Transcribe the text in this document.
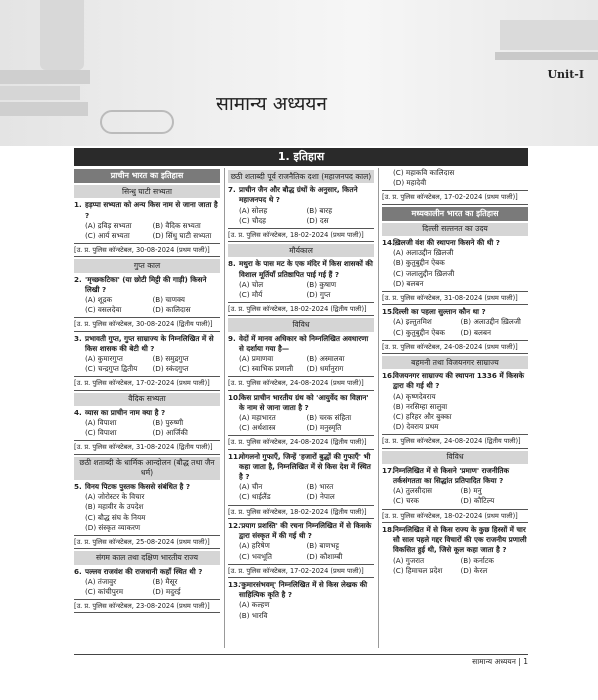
Unit-I
सामान्य अध्ययन
1. इतिहास
प्राचीन भारत का इतिहास
सिन्धु घाटी सभ्यता
1. हड़प्पा सभ्यता को अन्य किस नाम से जाना जाता है ?
(A) द्रविड़ सभ्यता	(B) वैदिक सभ्यता
(C) आर्य सभ्यता	(D) सिंधु घाटी सभ्यता
[उ. प्र. पुलिस कॉन्स्टेबल, 30-08-2024 (प्रथम पाली)]
गुप्त काल
2. 'मृच्छकटिका' (या छोटी मिट्टी की गाड़ी) किसने लिखी ?
(A) शूद्रक	(B) चाणक्य
(C) वसलदेवा	(D) कालिदास
[उ. प्र. पुलिस कॉन्स्टेबल, 30-08-2024 (द्वितीय पाली)]
3. प्रभावती गुप्त, गुप्त साम्राज्य के निम्नलिखित में से किस शासक की बेटी थी ?
(A) कुमारगुप्त	(B) समुद्रगुप्त
(C) चन्द्रगुप्त द्वितीय	(D) स्कंदगुप्त
[उ. प्र. पुलिस कॉन्स्टेबल, 17-02-2024 (प्रथम पाली)]
वैदिक सभ्यता
4. व्यास का प्राचीन नाम क्या है ?
(A) विपाशा	(B) पुरुष्णी
(C) विपाशा	(D) आर्जिकी
[उ. प्र. पुलिस कॉन्स्टेबल, 31-08-2024 (द्वितीय पाली)]
छठी शताब्दी के धार्मिक आन्दोलन (बौद्ध तथा जैन धर्म)
5. विनय पिटक पुस्तक किससे संबंधित है ?
(A) जोरोस्टर के विचार
(B) महावीर के उपदेश
(C) बौद्ध संघ के नियम
(D) संस्कृत व्याकरण
[उ. प्र. पुलिस कॉन्स्टेबल, 25-08-2024 (प्रथम पाली)]
संगम काल तथा दक्षिण भारतीय राज्य
6. पल्लव राजवंश की राजधानी कहाँ स्थित थी ?
(A) तंजावुर	(B) मैसूर
(C) कांचीपुरम	(D) मदुरई
[उ. प्र. पुलिस कॉन्स्टेबल, 23-08-2024 (प्रथम पाली)]
छठी शताब्दी पूर्व राजनैतिक दशा (महाजनपद काल)
7. प्राचीन जैन और बौद्ध ग्रंथों के अनुसार, कितने महाजनपद थे ?
(A) सोलह	(B) बारह
(C) चौदह	(D) दस
[उ. प्र. पुलिस कॉन्स्टेबल, 18-02-2024 (प्रथम पाली)]
मौर्यकाल
8. मथुरा के पास मट के एक मंदिर में किस शासकों की विशाल मूर्तियाँ प्रतिष्ठापित पाई गई हैं ?
(A) चोल	(B) कुषाण
(C) मौर्य	(D) गुप्त
[उ. प्र. पुलिस कॉन्स्टेबल, 18-02-2024 (द्वितीय पाली)]
विविध
9. वेदों में मानव अधिकार को निम्नलिखित अवधारणा से दर्शाया गया है—
(A) प्रमाणवा	(B) अस्मालवा
(C) स्वाभिक प्रणाली	(D) धर्मानुराग
[उ. प्र. पुलिस कॉन्स्टेबल, 24-08-2024 (प्रथम पाली)]
10.
किस प्राचीन भारतीय ग्रंथ को 'आयुर्वेद का विज्ञान' के नाम से जाना जाता है ?
(A) महाभारत	(B) चरक संहिता
(C) अर्थशास्त्र	(D) मनुस्मृति
[उ. प्र. पुलिस कॉन्स्टेबल, 24-08-2024 (द्वितीय पाली)]
11.
मोगलनो गुफाएँ, जिन्हें 'हजारों बुद्धों की गुफाएँ' भी कहा जाता है, निम्नलिखित में से किस देश में स्थित है ?
(A) चीन	(B) भारत
(C) थाईलैंड	(D) नेपाल
[उ. प्र. पुलिस कॉन्स्टेबल, 18-02-2024 (द्वितीय पाली)]
12.
'प्रयाग प्रशस्ति' की रचना निम्नलिखित में से किसके द्वारा संस्कृत में की गई थी ?
(A) हरिषेण	(B) बाणभट्ट
(C) भवभूति	(D) कौशाम्बी
[उ. प्र. पुलिस कॉन्स्टेबल, 17-02-2024 (प्रथम पाली)]
13.
'कुमारसंभवम्' निम्नलिखित में से किस लेखक की साहित्यिक कृति है ?
(A) कल्हण
(B) भारवि
(C) महाकवि कालिदास
(D) महादेवी
[उ. प्र. पुलिस कॉन्स्टेबल, 17-02-2024 (प्रथम पाली)]
मध्यकालीन भारत का इतिहास
दिल्ली सल्तनत का उदय
14.
ख़िलजी वंश की स्थापना किसने की थी ?
(A) अलाउद्दीन ख़िलजी
(B) कुतुबुद्दीन ऐबक
(C) जलालुद्दीन ख़िलजी
(D) बलबन
[उ. प्र. पुलिस कॉन्स्टेबल, 31-08-2024 (प्रथम पाली)]
15.
दिल्ली का पहला सुल्तान कौन था ?
(A) इल्तुतमिश	(B) अलाउद्दीन ख़िलजी
(C) कुतुबुद्दीन ऐबक	(D) बलबन
[उ. प्र. पुलिस कॉन्स्टेबल, 24-08-2024 (प्रथम पाली)]
बहमनी तथा विजयनगर साम्राज्य
16.
विजयनगर साम्राज्य की स्थापना 1336 में किसके द्वारा की गई थी ?
(A) कृष्णदेवराय
(B) नरसिम्हा सालुवा
(C) हरिहर और बुक्का
(D) देवराय प्रथम
[उ. प्र. पुलिस कॉन्स्टेबल, 24-08-2024 (द्वितीय पाली)]
विविध
17.
निम्नलिखित में से किसने 'प्रमाण' राजनीतिक तर्कसंगतता का सिद्धांत प्रतिपादित किया ?
(A) तुलसीदास	(B) मनु
(C) चरक	(D) कौटिल्य
[उ. प्र. पुलिस कॉन्स्टेबल, 18-02-2024 (प्रथम पाली)]
18.
निम्नलिखित में से किस राज्य के कुछ हिस्सों में चार सौ साल पहले गद्दर विचारों की एक राजनीय प्रणाली विकसित हुई थी, जिसे कूल कहा जाता है ?
(A) गुजरात	(B) कर्नाटक
(C) हिमाचल प्रदेश	(D) केरल
सामान्य अध्ययन | 1
